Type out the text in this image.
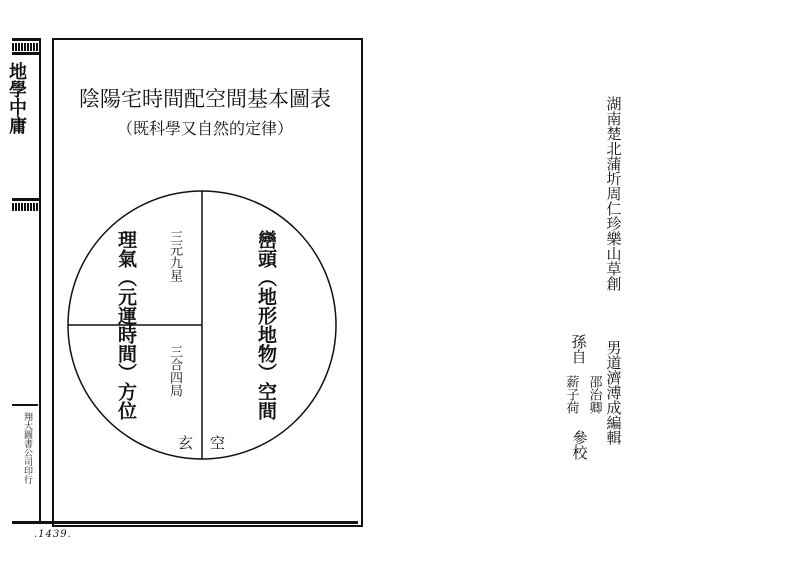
地學中庸
翔大圖書公司印行
陰陽宅時間配空間基本圖表
（既科學又自然的定律）
.1439.
巒頭（地形地物）空間
理氣（元運時間）方位 三元九星
三合四局
玄 空
湖南楚北蒲圻周仁珍樂山草創
男道濟溥成編輯
孫自
邵治卿
薪子荷
參校
